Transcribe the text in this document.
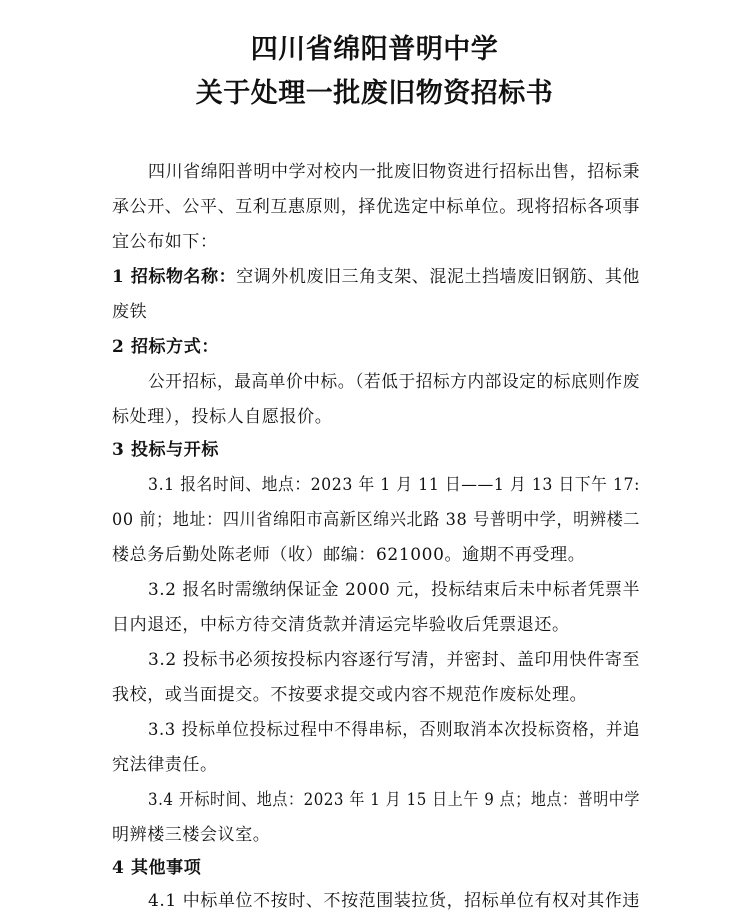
四川省绵阳普明中学
关于处理一批废旧物资招标书
四川省绵阳普明中学对校内一批废旧物资进行招标出售，招标秉
承公开、公平、互利互惠原则，择优选定中标单位。现将招标各项事
宜公布如下：
1 招标物名称：空调外机废旧三角支架、混泥土挡墙废旧钢筋、其他
废铁
2 招标方式：
公开招标，最高单价中标。（若低于招标方内部设定的标底则作废
标处理），投标人自愿报价。
3 投标与开标
3.1 报名时间、地点：2023 年 1 月 11 日——1 月 13 日下午 17:
00 前；地址：四川省绵阳市高新区绵兴北路 38 号普明中学，明辨楼二
楼总务后勤处陈老师（收）邮编：621000。逾期不再受理。
3.2 报名时需缴纳保证金 2000 元，投标结束后未中标者凭票半
日内退还，中标方待交清货款并清运完毕验收后凭票退还。
3.2 投标书必须按投标内容逐行写清，并密封、盖印用快件寄至
我校，或当面提交。不按要求提交或内容不规范作废标处理。
3.3 投标单位投标过程中不得串标，否则取消本次投标资格，并追
究法律责任。
3.4 开标时间、地点：2023 年 1 月 15 日上午 9 点；地点：普明中学
明辨楼三楼会议室。
4 其他事项
4.1 中标单位不按时、不按范围装拉货，招标单位有权对其作违
